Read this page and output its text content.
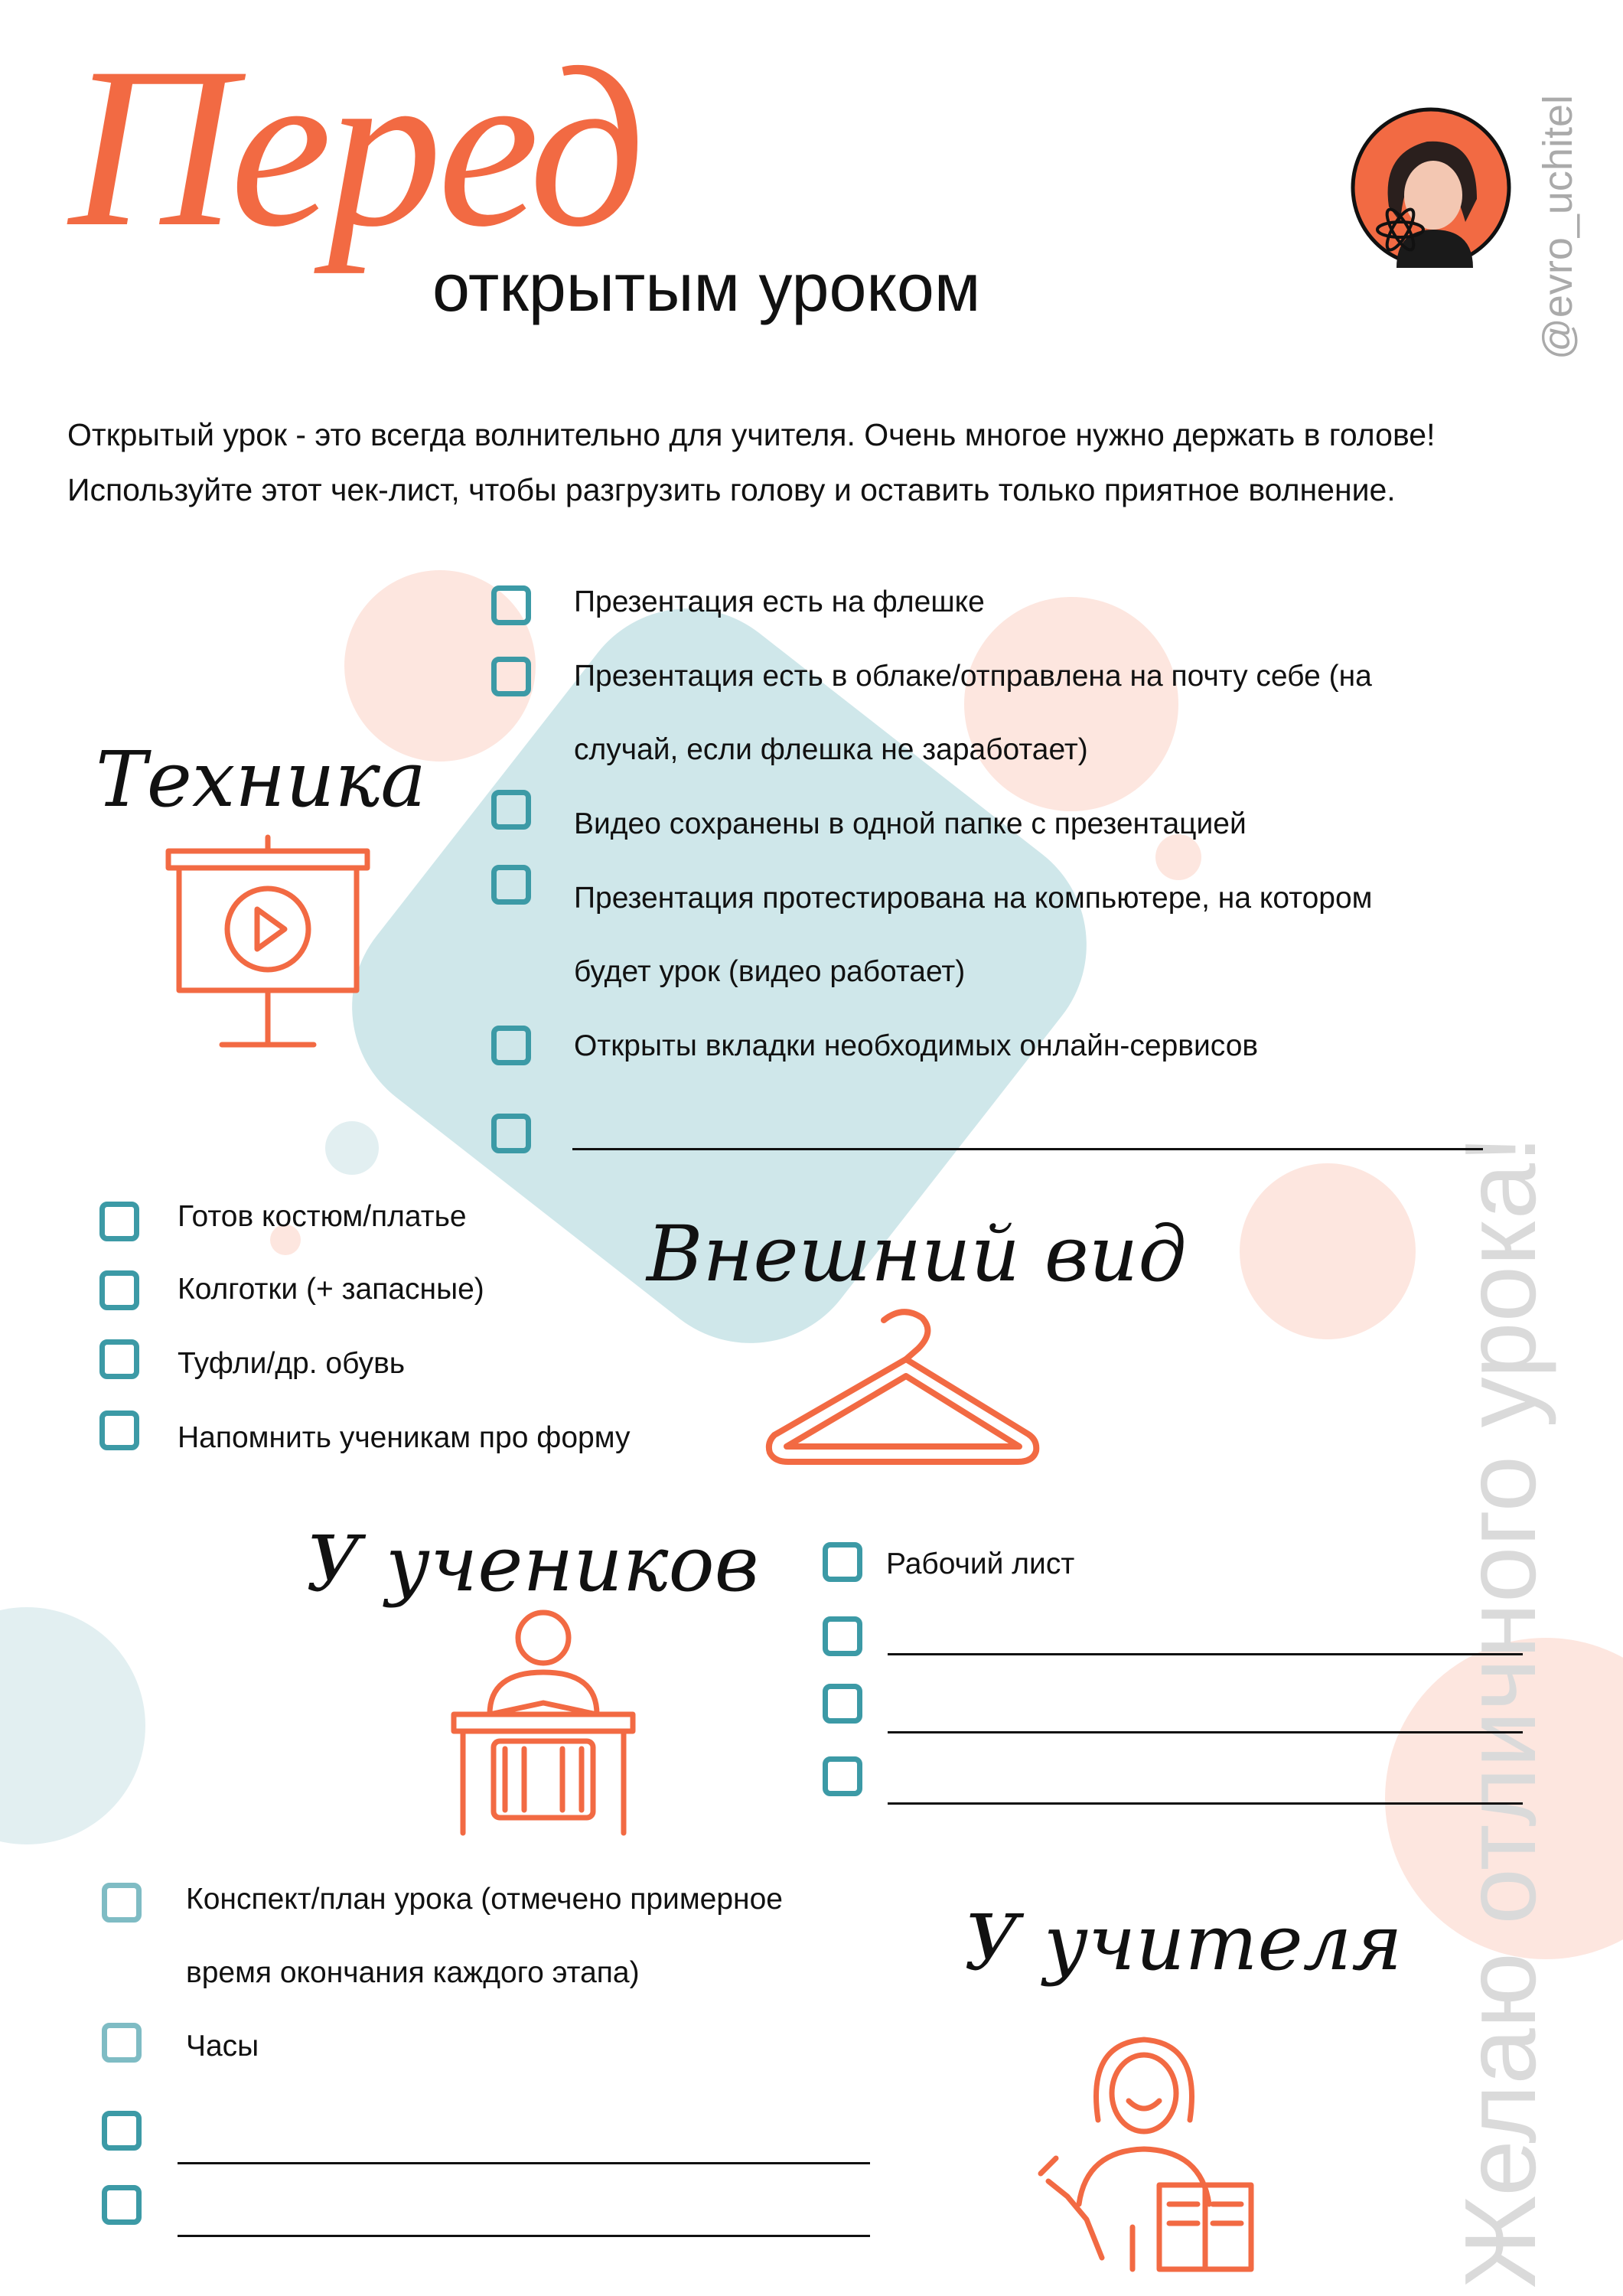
Желаю отличного урока!
@evro_uchitel
Перед
открытым уроком
Открытый урок - это всегда волнительно для учителя. Очень многое нужно держать в голове!
Используйте этот чек-лист, чтобы разгрузить голову и оставить только приятное волнение.
Техника
Презентация есть на флешке
Презентация есть в облаке/отправлена на почту себе (на
случай, если флешка не заработает)
Видео сохранены в одной папке с презентацией
Презентация протестирована на компьютере, на котором
будет урок (видео работает)
Открыты вкладки необходимых онлайн-сервисов
Внешний вид
Готов костюм/платье
Колготки (+ запасные)
Туфли/др. обувь
Напомнить ученикам про форму
У учеников	Рабочий лист
У учителя
Конспект/план урока (отмечено примерное
время окончания каждого этапа)
Часы
